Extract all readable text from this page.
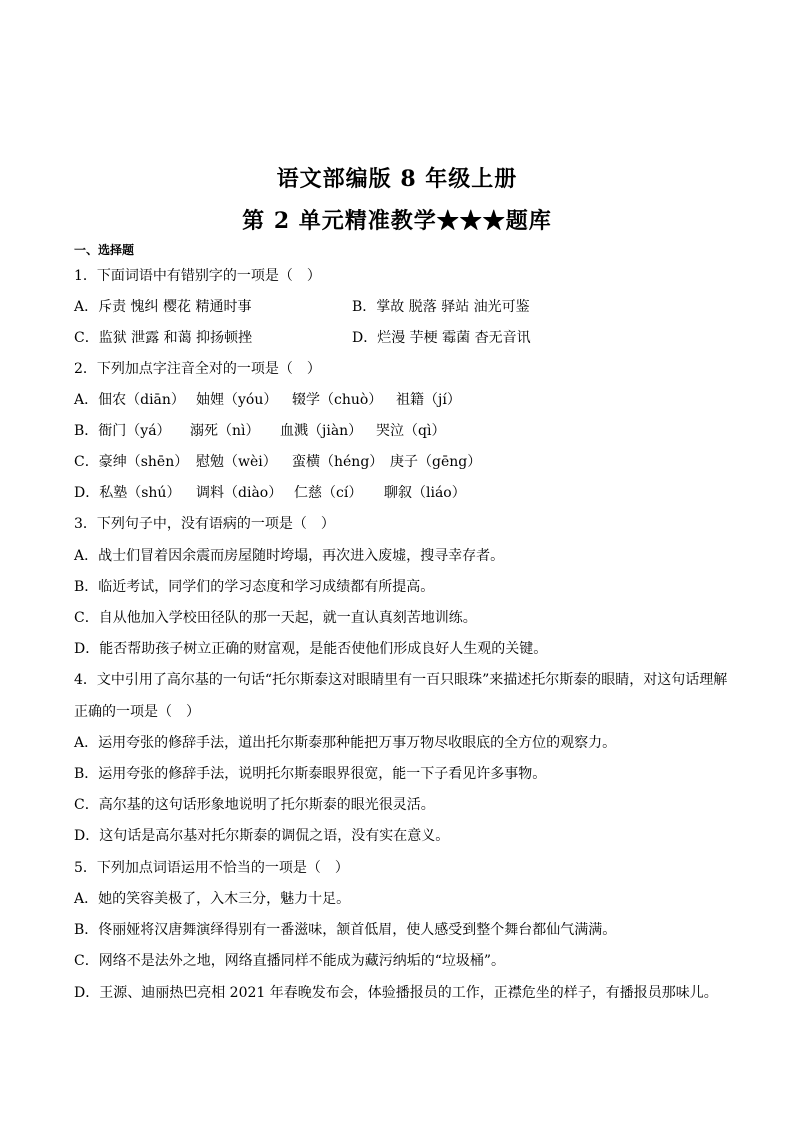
语文部编版 8 年级上册
第 2 单元精准教学★★★题库
一、选择题
1．下面词语中有错别字的一项是（　）
A．斥责 愧纠 樱花 精通时事	B．掌故 脱落 驿站 油光可鉴
C．监狱 泄露 和蔼 抑扬顿挫	D．烂漫 芋梗 霉菌 杳无音讯
2．下列加点字注音全对的一项是（　）
A．佃农（diān） 妯娌（yóu） 辍学（chuò） 祖籍（jí）
B．衙门（yá） 溺死（nì） 血溅（jiàn） 哭泣（qì）
C．豪绅（shēn） 慰勉（wèi） 蛮横（héng） 庚子（gēng）
D．私塾（shú） 调料（diào） 仁慈（cí） 聊叙（liáo）
3．下列句子中，没有语病的一项是（　）
A．战士们冒着因余震而房屋随时垮塌，再次进入废墟，搜寻幸存者。
B．临近考试，同学们的学习态度和学习成绩都有所提高。
C．自从他加入学校田径队的那一天起，就一直认真刻苦地训练。
D．能否帮助孩子树立正确的财富观，是能否使他们形成良好人生观的关键。
4．文中引用了高尔基的一句话“托尔斯泰这对眼睛里有一百只眼珠”来描述托尔斯泰的眼睛，对这句话理解
正确的一项是（　）
A．运用夸张的修辞手法，道出托尔斯泰那种能把万事万物尽收眼底的全方位的观察力。
B．运用夸张的修辞手法，说明托尔斯泰眼界很宽，能一下子看见许多事物。
C．高尔基的这句话形象地说明了托尔斯泰的眼光很灵活。
D．这句话是高尔基对托尔斯泰的调侃之语，没有实在意义。
5．下列加点词语运用不恰当的一项是（　）
A．她的笑容美极了，入木三分，魅力十足。
B．佟丽娅将汉唐舞演绎得别有一番滋味，颔首低眉，使人感受到整个舞台都仙气满满。
C．网络不是法外之地，网络直播同样不能成为藏污纳垢的“垃圾桶”。
D．王源、迪丽热巴亮相 2021 年春晚发布会，体验播报员的工作，正襟危坐的样子，有播报员那味儿。
